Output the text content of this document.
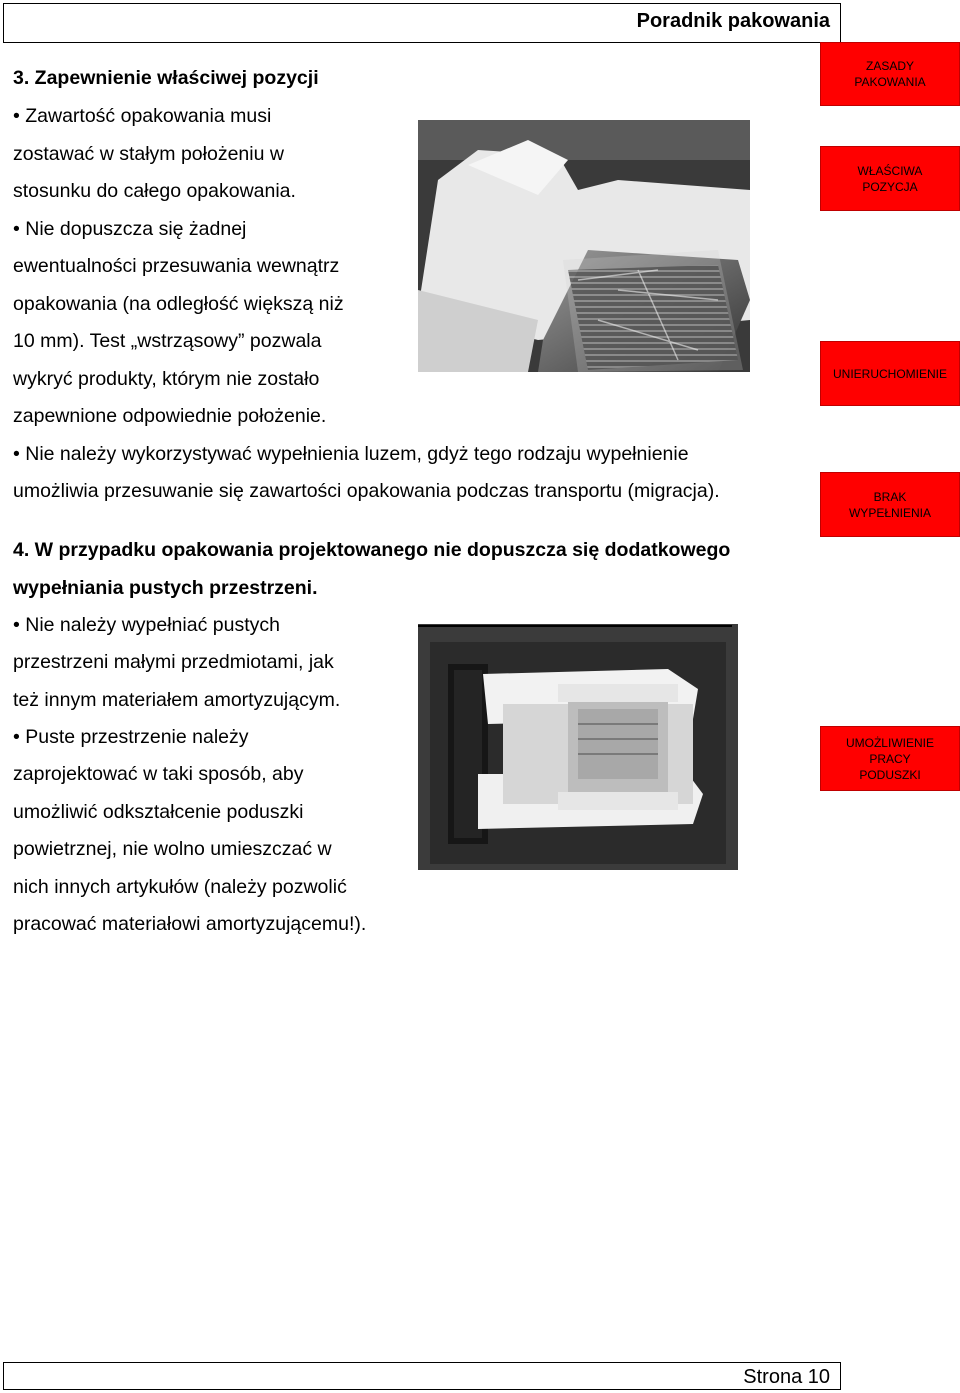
Poradnik pakowania
3. Zapewnienie właściwej pozycji
• Zawartość opakowania musi
zostawać w stałym położeniu w
stosunku do całego opakowania.
• Nie dopuszcza się żadnej
ewentualności przesuwania wewnątrz
opakowania (na odległość większą niż
10 mm). Test „wstrząsowy” pozwala
wykryć produkty, którym nie zostało
zapewnione odpowiednie położenie.
• Nie należy wykorzystywać wypełnienia luzem, gdyż tego rodzaju wypełnienie
umożliwia przesuwanie się zawartości opakowania podczas transportu (migracja).
4. W przypadku opakowania projektowanego nie dopuszcza się dodatkowego
wypełniania pustych przestrzeni.
• Nie należy wypełniać pustych
przestrzeni małymi przedmiotami, jak
też innym materiałem amortyzującym.
• Puste przestrzenie należy
zaprojektować w taki sposób, aby
umożliwić odkształcenie poduszki
powietrznej, nie wolno umieszczać w
nich innych artykułów (należy pozwolić
pracować materiałowi amortyzującemu!).
ZASADY
PAKOWANIA
WŁAŚCIWA
POZYCJA
UNIERUCHOMIENIE
BRAK
WYPEŁNIENIA
UMOŻLIWIENIE
PRACY
PODUSZKI
Strona 10
